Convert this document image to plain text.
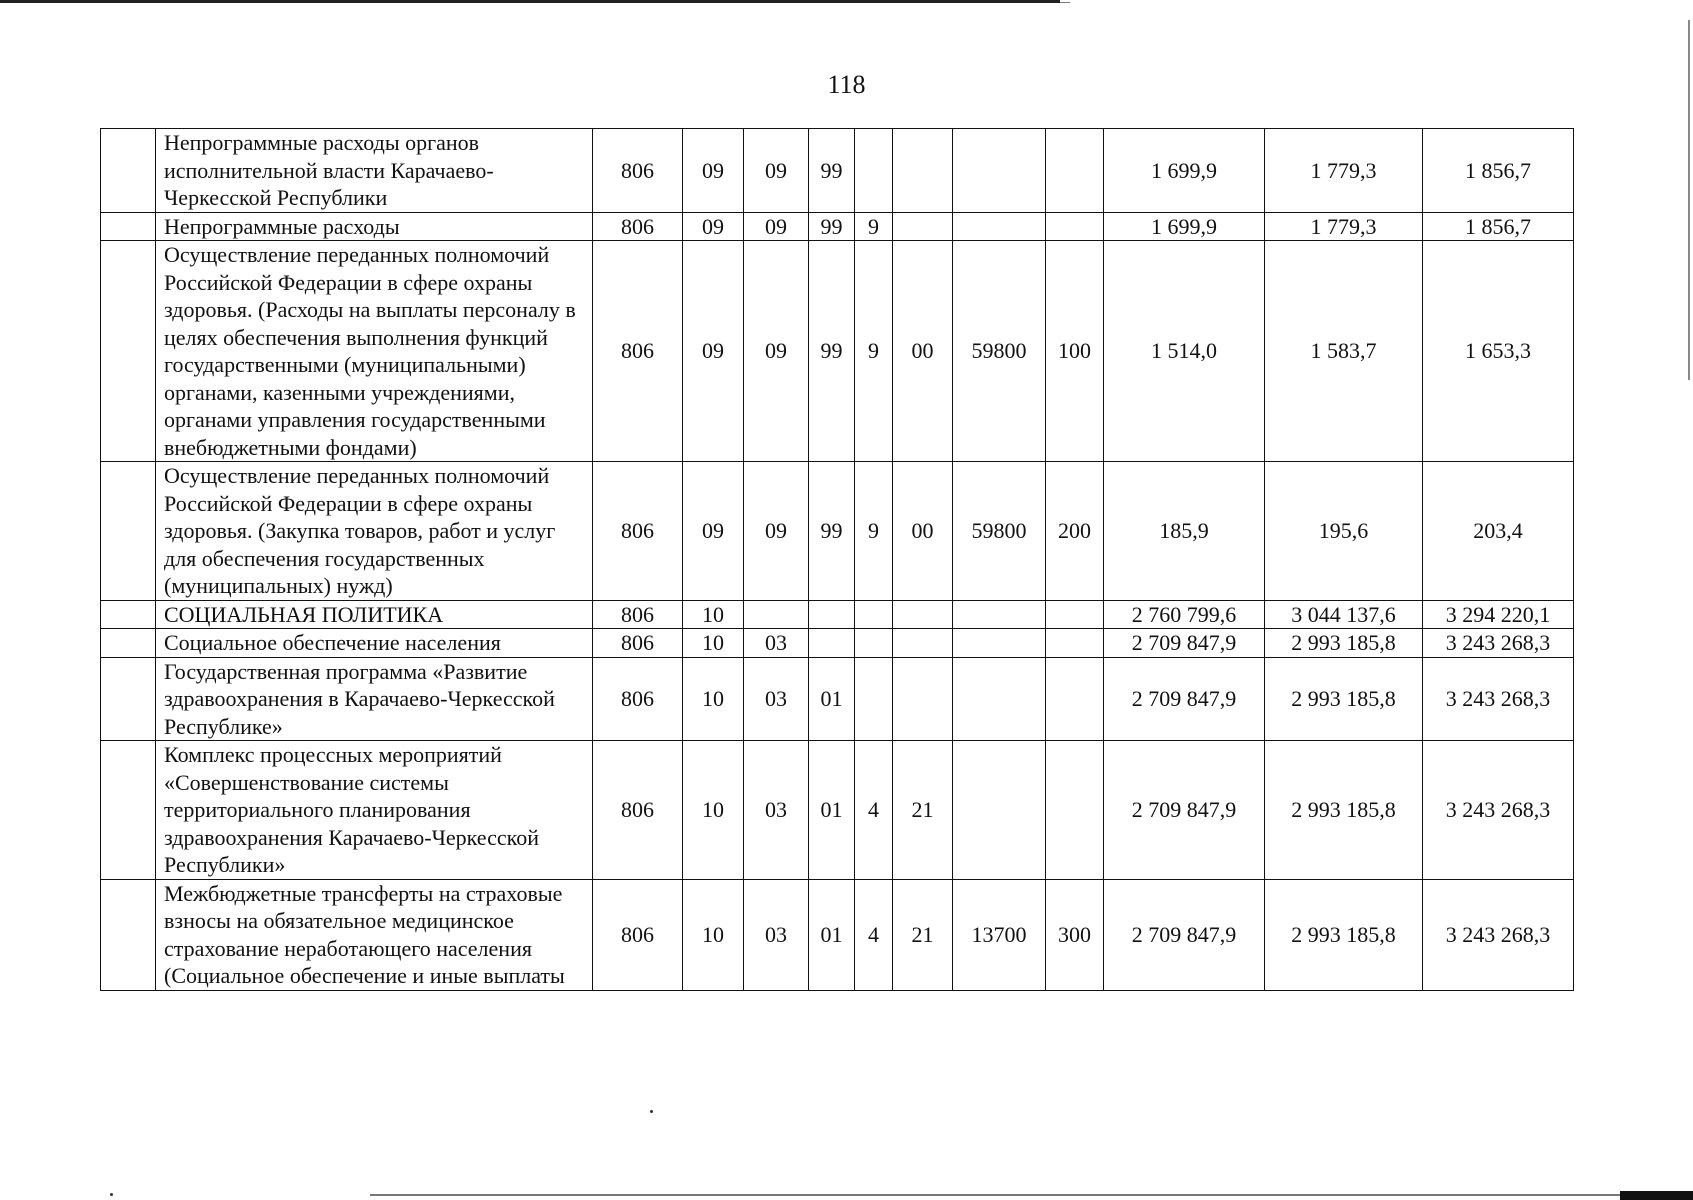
118
	Непрограммные расходы органов исполнительной власти Карачаево-Черкесской Республики	806	09	09	99					1 699,9	1 779,3	1 856,7
	Непрограммные расходы	806	09	09	99	9				1 699,9	1 779,3	1 856,7
	Осуществление переданных полномочий Российской Федерации в сфере охраны здоровья. (Расходы на выплаты персоналу в целях обеспечения выполнения функций государственными (муниципальными) органами, казенными учреждениями, органами управления государственными внебюджетными фондами)	806	09	09	99	9	00	59800	100	1 514,0	1 583,7	1 653,3
	Осуществление переданных полномочий Российской Федерации в сфере охраны здоровья. (Закупка товаров, работ и услуг для обеспечения государственных (муниципальных) нужд)	806	09	09	99	9	00	59800	200	185,9	195,6	203,4
	СОЦИАЛЬНАЯ ПОЛИТИКА	806	10							2 760 799,6	3 044 137,6	3 294 220,1
	Социальное обеспечение населения	806	10	03						2 709 847,9	2 993 185,8	3 243 268,3
	Государственная программа «Развитие здравоохранения в Карачаево-Черкесской Республике»	806	10	03	01					2 709 847,9	2 993 185,8	3 243 268,3
	Комплекс процессных мероприятий «Совершенствование системы территориального планирования здравоохранения Карачаево-Черкесской Республики»	806	10	03	01	4	21			2 709 847,9	2 993 185,8	3 243 268,3
	Межбюджетные трансферты на страховые взносы на обязательное медицинское страхование неработающего населения (Социальное обеспечение и иные выплаты	806	10	03	01	4	21	13700	300	2 709 847,9	2 993 185,8	3 243 268,3
